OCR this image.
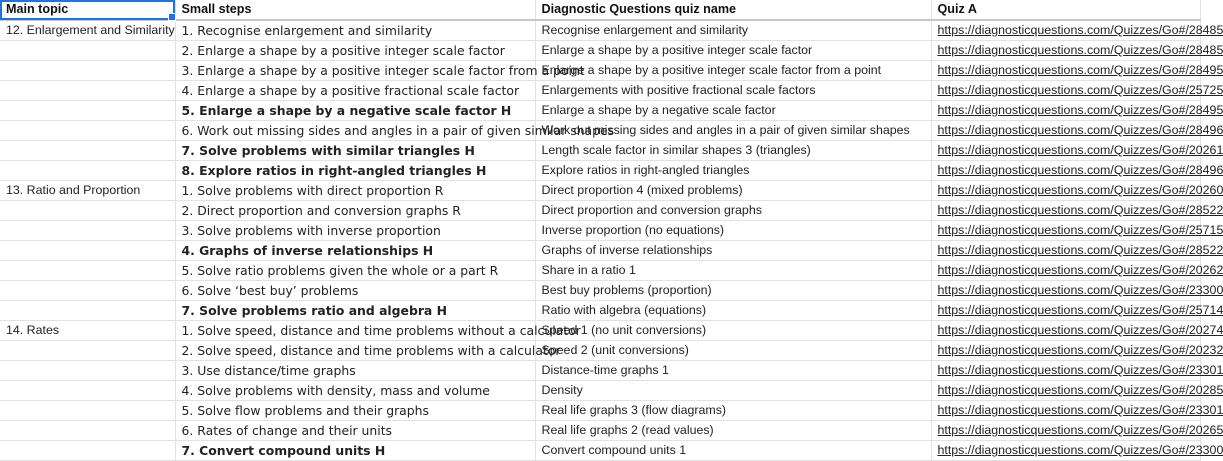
Main topic	Small steps	Diagnostic Questions quiz name	Quiz A
12. Enlargement and Similarity	1. Recognise enlargement and similarity	Recognise enlargement and similarity	https://diagnosticquestions.com/Quizzes/Go#/28485
	2. Enlarge a shape by a positive integer scale factor	Enlarge a shape by a positive integer scale factor	https://diagnosticquestions.com/Quizzes/Go#/28485
	3. Enlarge a shape by a positive integer scale factor from a point	Enlarge a shape by a positive integer scale factor from a point	https://diagnosticquestions.com/Quizzes/Go#/28495
	4. Enlarge a shape by a positive fractional scale factor	Enlargements with positive fractional scale factors	https://diagnosticquestions.com/Quizzes/Go#/25725
	5. Enlarge a shape by a negative scale factor H	Enlarge a shape by a negative scale factor	https://diagnosticquestions.com/Quizzes/Go#/28495
	6. Work out missing sides and angles in a pair of given similar shapes	Work out missing sides and angles in a pair of given similar shapes	https://diagnosticquestions.com/Quizzes/Go#/28496
	7. Solve problems with similar triangles H	Length scale factor in similar shapes 3 (triangles)	https://diagnosticquestions.com/Quizzes/Go#/20261
	8. Explore ratios in right-angled triangles H	Explore ratios in right-angled triangles	https://diagnosticquestions.com/Quizzes/Go#/28496
13. Ratio and Proportion	1. Solve problems with direct proportion R	Direct proportion 4 (mixed problems)	https://diagnosticquestions.com/Quizzes/Go#/20260
	2. Direct proportion and conversion graphs R	Direct proportion and conversion graphs	https://diagnosticquestions.com/Quizzes/Go#/28522
	3. Solve problems with inverse proportion	Inverse proportion (no equations)	https://diagnosticquestions.com/Quizzes/Go#/25715
	4. Graphs of inverse relationships H	Graphs of inverse relationships	https://diagnosticquestions.com/Quizzes/Go#/28522
	5. Solve ratio problems given the whole or a part R	Share in a ratio 1	https://diagnosticquestions.com/Quizzes/Go#/20262
	6. Solve ‘best buy’ problems	Best buy problems (proportion)	https://diagnosticquestions.com/Quizzes/Go#/23300
	7. Solve problems ratio and algebra H	Ratio with algebra (equations)	https://diagnosticquestions.com/Quizzes/Go#/25714
14. Rates	1. Solve speed, distance and time problems without a calculator	Speed 1 (no unit conversions)	https://diagnosticquestions.com/Quizzes/Go#/20274
	2. Solve speed, distance and time problems with a calculator	Speed 2 (unit conversions)	https://diagnosticquestions.com/Quizzes/Go#/20232
	3. Use distance/time graphs	Distance-time graphs 1	https://diagnosticquestions.com/Quizzes/Go#/23301
	4. Solve problems with density, mass and volume	Density	https://diagnosticquestions.com/Quizzes/Go#/20285
	5. Solve flow problems and their graphs	Real life graphs 3 (flow diagrams)	https://diagnosticquestions.com/Quizzes/Go#/23301
	6. Rates of change and their units	Real life graphs 2 (read values)	https://diagnosticquestions.com/Quizzes/Go#/20265
	7. Convert compound units H	Convert compound units 1	https://diagnosticquestions.com/Quizzes/Go#/23300
